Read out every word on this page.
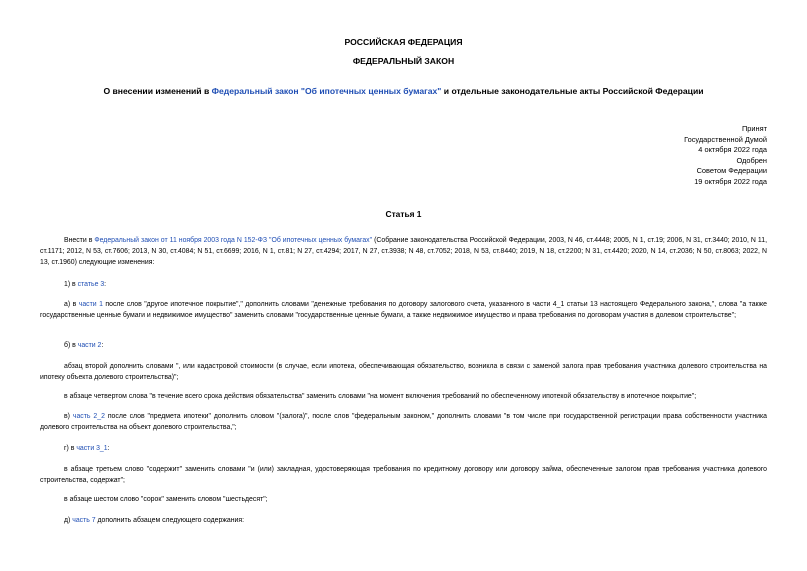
РОССИЙСКАЯ ФЕДЕРАЦИЯ
ФЕДЕРАЛЬНЫЙ ЗАКОН
О внесении изменений в Федеральный закон "Об ипотечных ценных бумагах" и отдельные законодательные акты Российской Федерации
Принят
Государственной Думой
4 октября 2022 года
Одобрен
Советом Федерации
19 октября 2022 года
Статья 1
Внести в Федеральный закон от 11 ноября 2003 года N 152-ФЗ "Об ипотечных ценных бумагах" (Собрание законодательства Российской Федерации, 2003, N 46, ст.4448; 2005, N 1, ст.19; 2006, N 31, ст.3440; 2010, N 11, ст.1171; 2012, N 53, ст.7606; 2013, N 30, ст.4084; N 51, ст.6699; 2016, N 1, ст.81; N 27, ст.4294; 2017, N 27, ст.3938; N 48, ст.7052; 2018, N 53, ст.8440; 2019, N 18, ст.2200; N 31, ст.4420; 2020, N 14, ст.2036; N 50, ст.8063; 2022, N 13, ст.1960) следующие изменения:
1) в статье 3:
а) в части 1 после слов "другое ипотечное покрытие"," дополнить словами "денежные требования по договору залогового счета, указанного в части 4_1 статьи 13 настоящего Федерального закона,", слова "а также государственные ценные бумаги и недвижимое имущество" заменить словами "государственные ценные бумаги, а также недвижимое имущество и права требования по договорам участия в долевом строительстве";
б) в части 2:
абзац второй дополнить словами ", или кадастровой стоимости (в случае, если ипотека, обеспечивающая обязательство, возникла в связи с заменой залога прав требования участника долевого строительства на ипотеку объекта долевого строительства)";
в абзаце четвертом слова "в течение всего срока действия обязательства" заменить словами "на момент включения требований по обеспеченному ипотекой обязательству в ипотечное покрытие";
в) часть 2_2 после слов "предмета ипотеки" дополнить словом "(залога)", после слов "федеральным законом," дополнить словами "в том числе при государственной регистрации права собственности участника долевого строительства на объект долевого строительства,";
г) в части 3_1:
в абзаце третьем слово "содержит" заменить словами "и (или) закладная, удостоверяющая требования по кредитному договору или договору займа, обеспеченные залогом прав требования участника долевого строительства, содержат";
в абзаце шестом слово "сорок" заменить словом "шестьдесят";
д) часть 7 дополнить абзацем следующего содержания:
